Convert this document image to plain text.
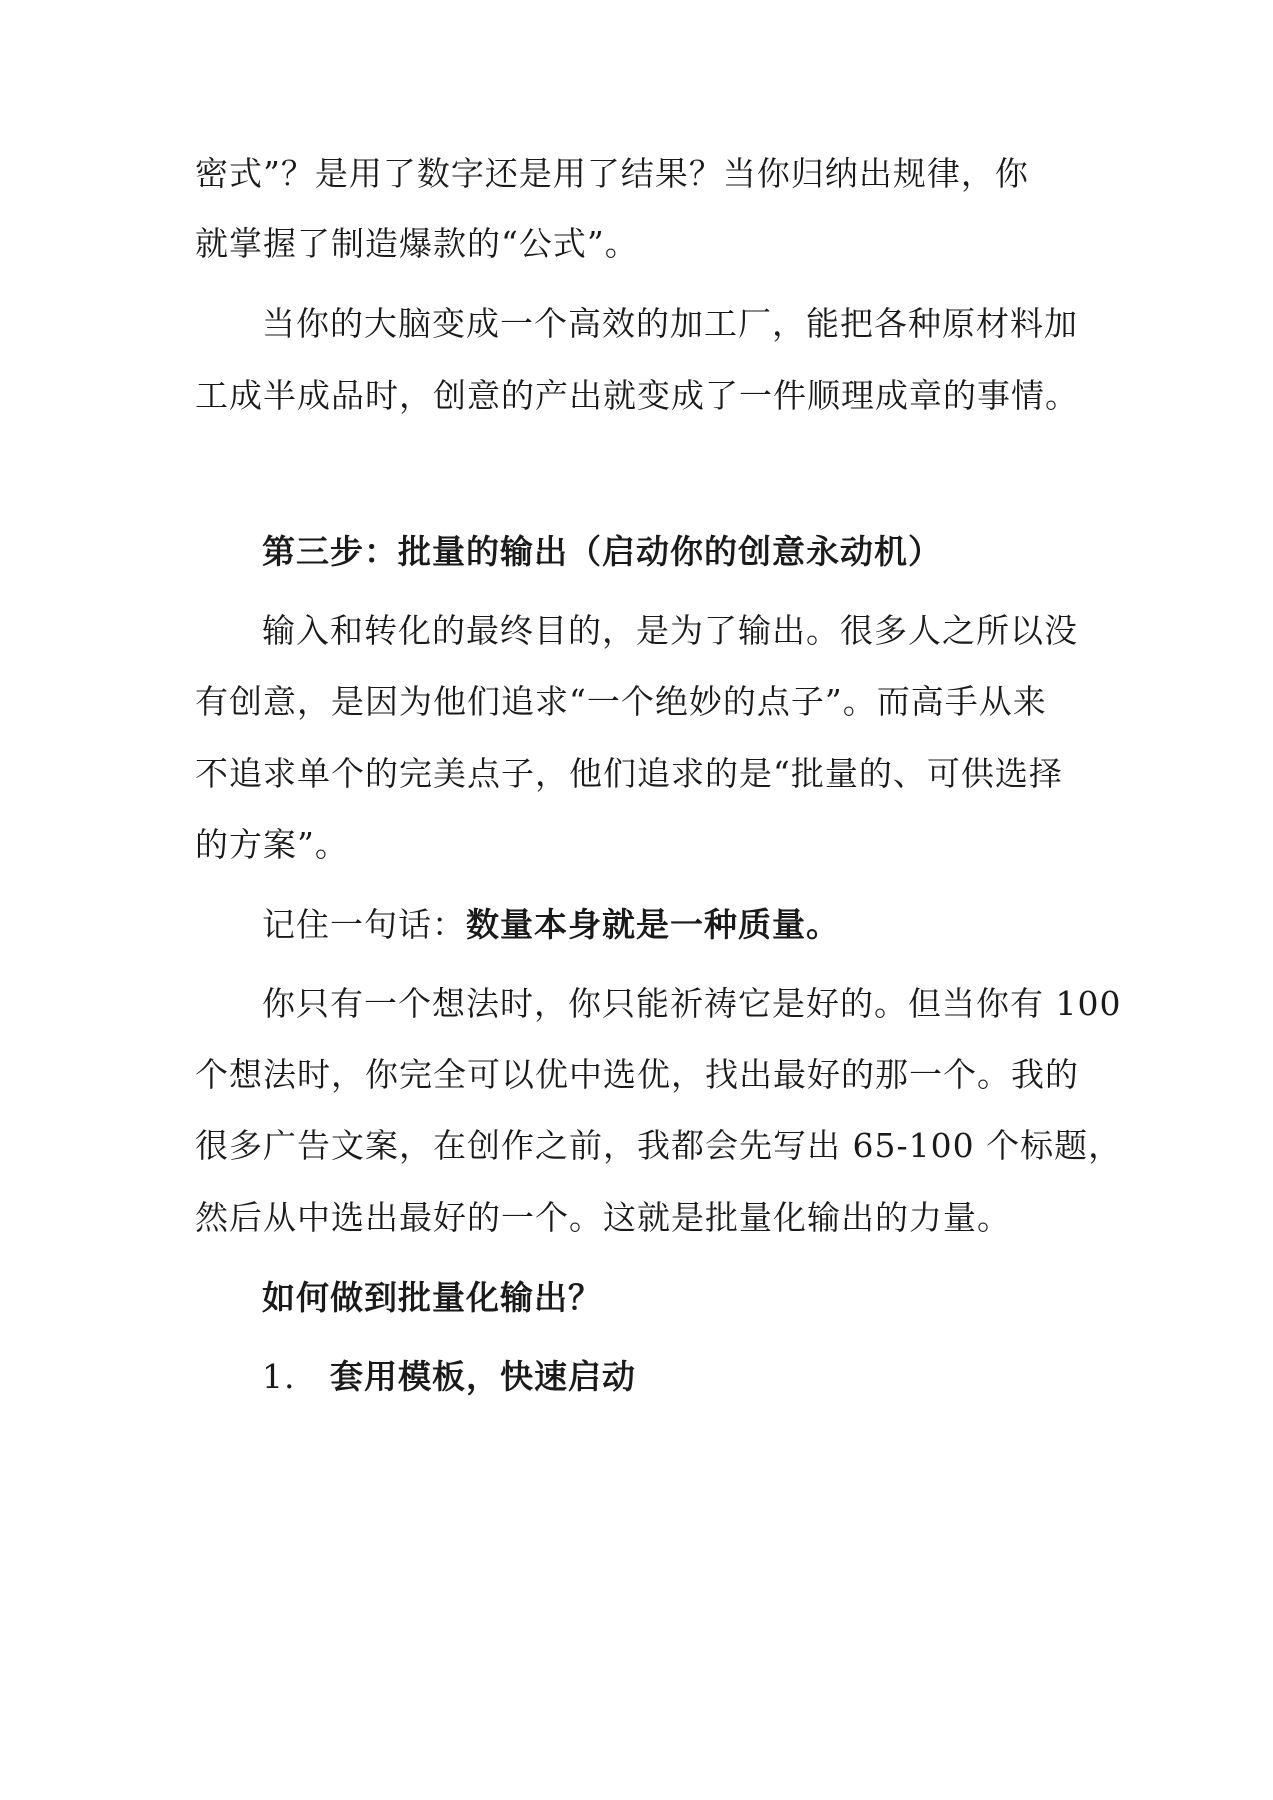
密式”？是用了数字还是用了结果？当你归纳出规律，你
就掌握了制造爆款的“公式”。
当你的大脑变成一个高效的加工厂，能把各种原材料加
工成半成品时，创意的产出就变成了一件顺理成章的事情。
第三步：批量的输出（启动你的创意永动机）
输入和转化的最终目的，是为了输出。很多人之所以没
有创意，是因为他们追求“一个绝妙的点子”。而高手从来
不追求单个的完美点子，他们追求的是“批量的、可供选择
的方案”。
记住一句话：数量本身就是一种质量。
你只有一个想法时，你只能祈祷它是好的。但当你有 100
个想法时，你完全可以优中选优，找出最好的那一个。我的
很多广告文案，在创作之前，我都会先写出 65-100 个标题，
然后从中选出最好的一个。这就是批量化输出的力量。
如何做到批量化输出？
1. 套用模板，快速启动
